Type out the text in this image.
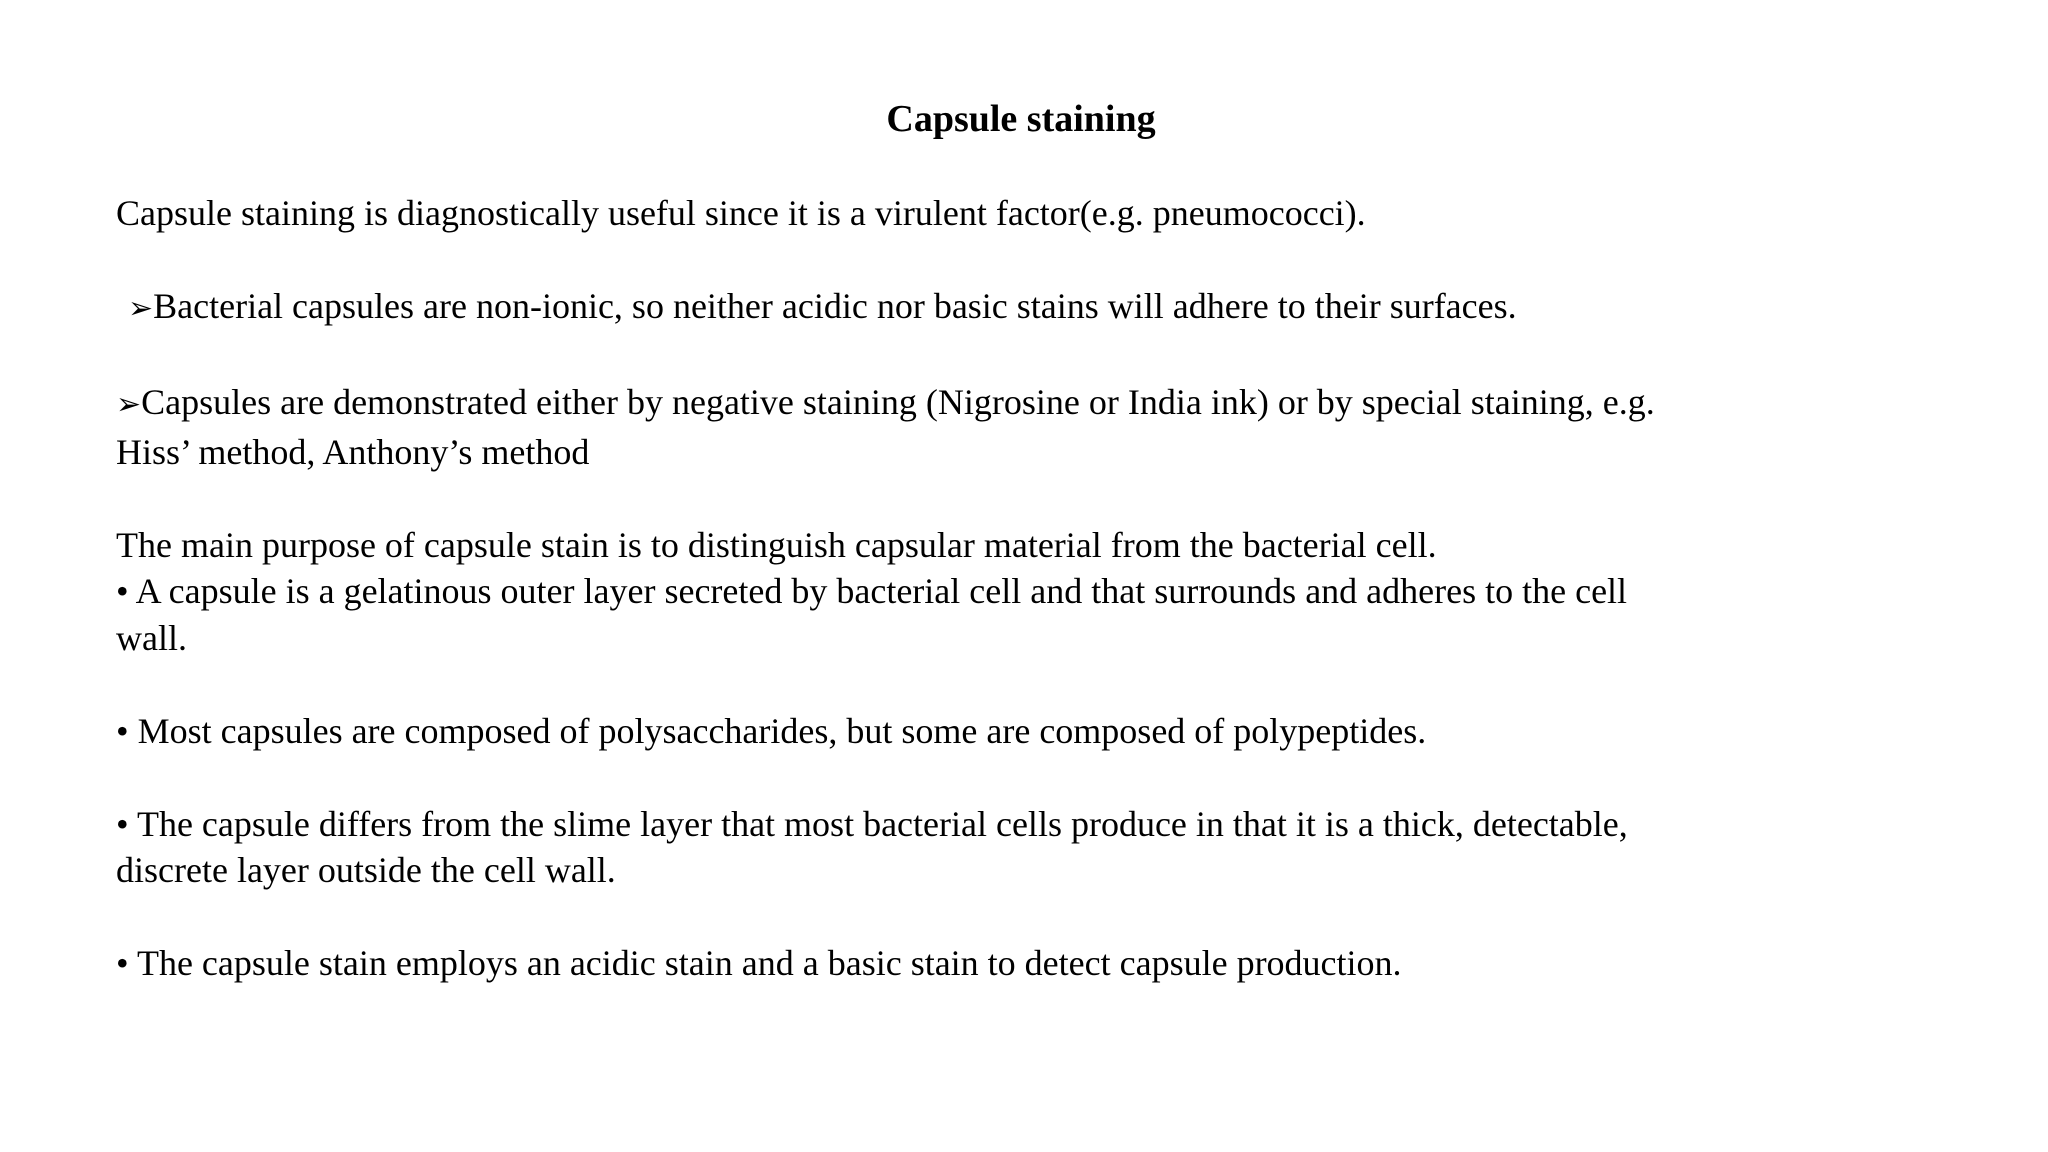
Capsule staining

Capsule staining is diagnostically useful since it is a virulent factor(e.g. pneumococci).

➢Bacterial capsules are non-ionic, so neither acidic nor basic stains will adhere to their surfaces.

➢Capsules are demonstrated either by negative staining (Nigrosine or India ink) or by special staining, e.g.

Hiss’ method, Anthony’s method

The main purpose of capsule stain is to distinguish capsular material from the bacterial cell.

• A capsule is a gelatinous outer layer secreted by bacterial cell and that surrounds and adheres to the cell

wall.

• Most capsules are composed of polysaccharides, but some are composed of polypeptides.

• The capsule differs from the slime layer that most bacterial cells produce in that it is a thick, detectable,

discrete layer outside the cell wall.

• The capsule stain employs an acidic stain and a basic stain to detect capsule production.
